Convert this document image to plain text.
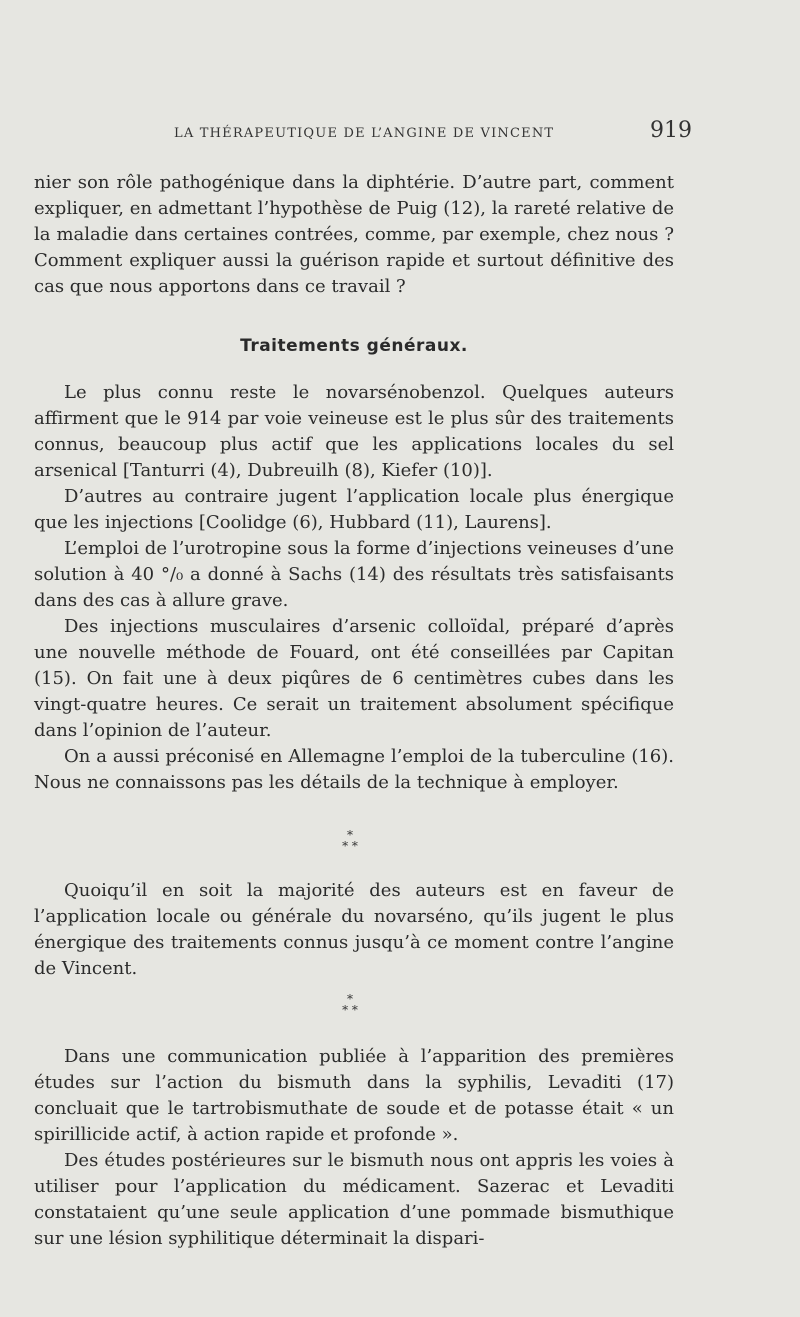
LA THÉRAPEUTIQUE DE L’ANGINE DE VINCENT	919

nier son rôle pathogénique dans la diphtérie. D’autre part, comment expliquer, en admettant l’hypothèse de Puig (12), la rareté relative de la maladie dans certaines contrées, comme, par exemple, chez nous ? Comment expliquer aussi la guérison rapide et surtout définitive des cas que nous apportons dans ce travail ?

Traitements généraux.

Le plus connu reste le novarsénobenzol. Quelques auteurs affirment que le 914 par voie veineuse est le plus sûr des traitements connus, beaucoup plus actif que les applications locales du sel arsenical [Tanturri (4), Dubreuilh (8), Kiefer (10)].

D’autres au contraire jugent l’application locale plus énergique que les injections [Coolidge (6), Hubbard (11), Laurens].

L’emploi de l’urotropine sous la forme d’injections veineuses d’une solution à 40 °/₀ a donné à Sachs (14) des résultats très satisfaisants dans des cas à allure grave.

Des injections musculaires d’arsenic colloïdal, préparé d’après une nouvelle méthode de Fouard, ont été conseillées par Capitan (15). On fait une à deux piqûres de 6 centimètres cubes dans les vingt-quatre heures. Ce serait un traitement absolument spécifique dans l’opinion de l’auteur.

On a aussi préconisé en Allemagne l’emploi de la tuberculine (16). Nous ne connaissons pas les détails de la technique à employer.

*
* *

Quoiqu’il en soit la majorité des auteurs est en faveur de l’application locale ou générale du novarséno, qu’ils jugent le plus énergique des traitements connus jusqu’à ce moment contre l’angine de Vincent.

*
* *

Dans une communication publiée à l’apparition des premières études sur l’action du bismuth dans la syphilis, Levaditi (17) concluait que le tartrobismuthate de soude et de potasse était « un spirillicide actif, à action rapide et profonde ».

Des études postérieures sur le bismuth nous ont appris les voies à utiliser pour l’application du médicament. Sazerac et Levaditi constataient qu’une seule application d’une pommade bismuthique sur une lésion syphilitique déterminait la dispari-
